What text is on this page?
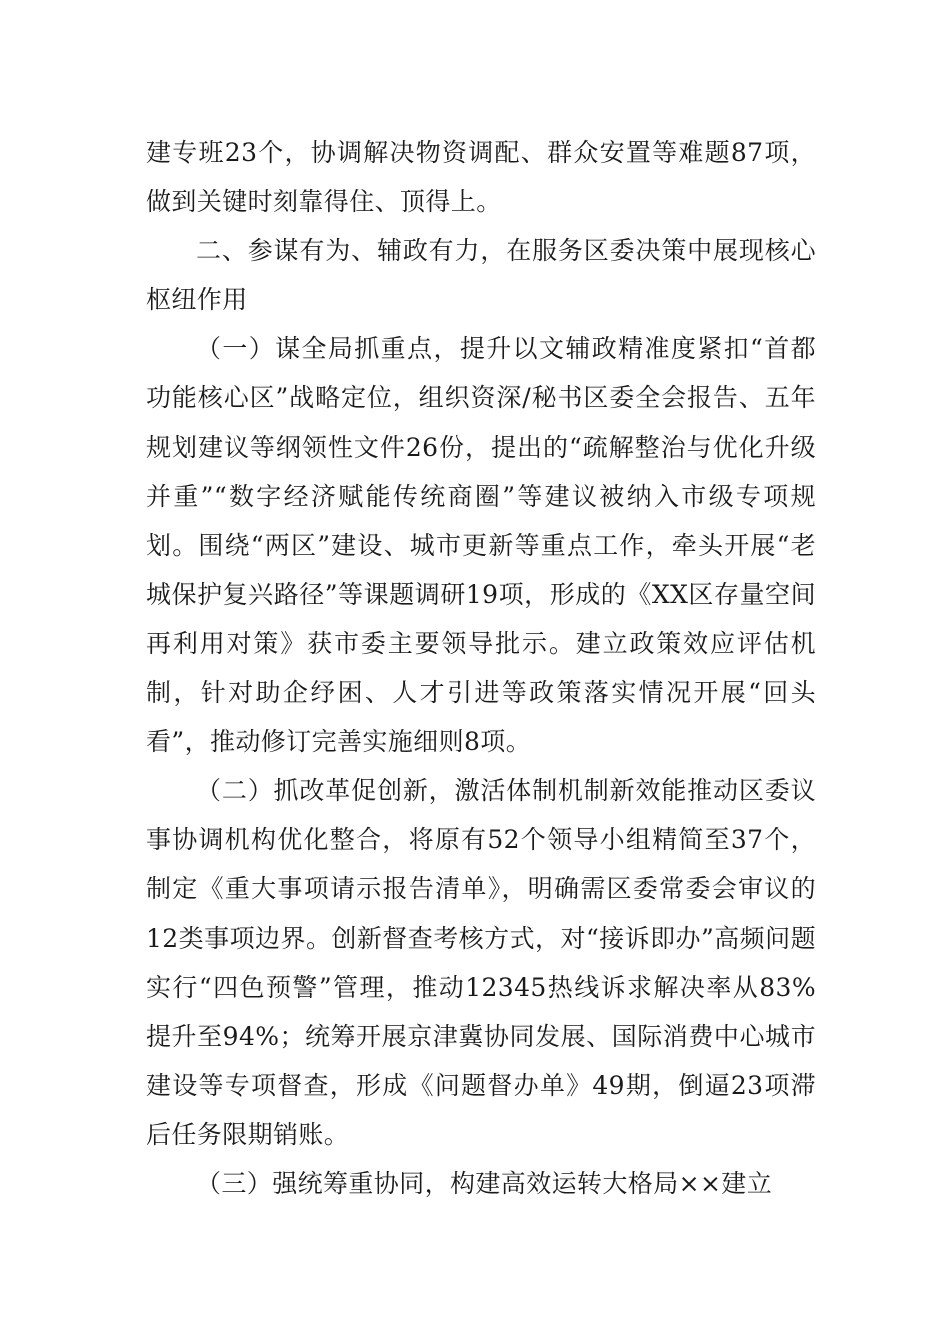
建专班23个，协调解决物资调配、群众安置等难题87项，做到关键时刻靠得住、顶得上。

二、参谋有为、辅政有力，在服务区委决策中展现核心枢纽作用

（一）谋全局抓重点，提升以文辅政精准度紧扣“首都功能核心区”战略定位，组织资深/秘书区委全会报告、五年规划建议等纲领性文件26份，提出的“疏解整治与优化升级并重”“数字经济赋能传统商圈”等建议被纳入市级专项规划。围绕“两区”建设、城市更新等重点工作，牵头开展“老城保护复兴路径”等课题调研19项，形成的《XX区存量空间再利用对策》获市委主要领导批示。建立政策效应评估机制，针对助企纾困、人才引进等政策落实情况开展“回头看”，推动修订完善实施细则8项。

（二）抓改革促创新，激活体制机制新效能推动区委议事协调机构优化整合，将原有52个领导小组精简至37个，制定《重大事项请示报告清单》，明确需区委常委会审议的12类事项边界。创新督查考核方式，对“接诉即办”高频问题实行“四色预警”管理，推动12345热线诉求解决率从83%提升至94%；统筹开展京津冀协同发展、国际消费中心城市建设等专项督查，形成《问题督办单》49期，倒逼23项滞后任务限期销账。

（三）强统筹重协同，构建高效运转大格局××建立
